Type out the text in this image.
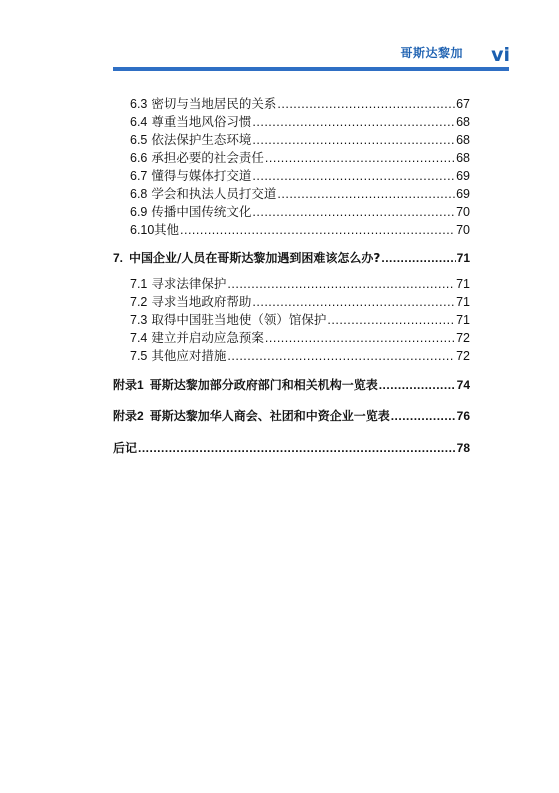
哥斯达黎加 vi
6.3 密切与当地居民的关系 .....	67
6.4 尊重当地风俗习惯 .....	68
6.5 依法保护生态环境 .....	68
6.6 承担必要的社会责任 .....	68
6.7 懂得与媒体打交道 .....	69
6.8 学会和执法人员打交道 .....	69
6.9 传播中国传统文化 .....	70
6.10 其他 .....	70
7. 中国企业/人员在哥斯达黎加遇到困难该怎么办? .....	71
7.1 寻求法律保护 .....	71
7.2 寻求当地政府帮助 .....	71
7.3 取得中国驻当地使（领）馆保护 .....	71
7.4 建立并启动应急预案 .....	72
7.5 其他应对措施 .....	72
附录1 哥斯达黎加部分政府部门和相关机构一览表 .....	74
附录2 哥斯达黎加华人商会、社团和中资企业一览表 .....	76
后记 .....	78
